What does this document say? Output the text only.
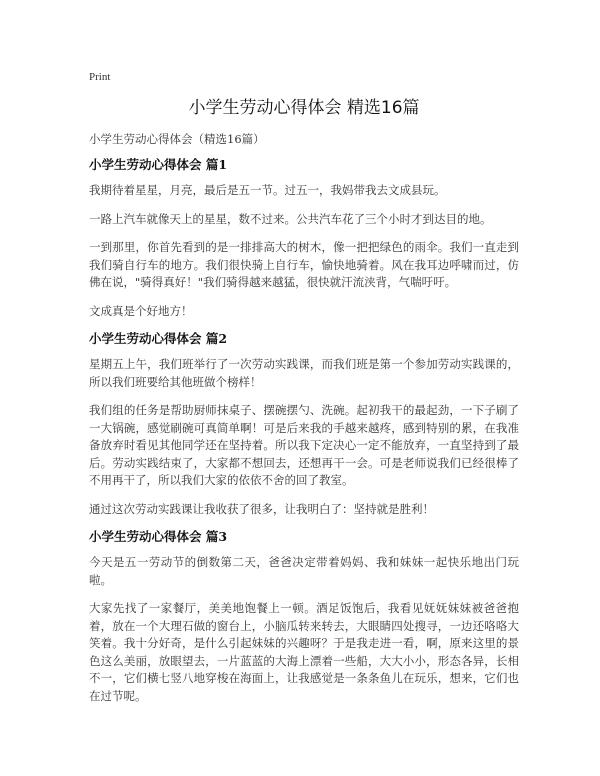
Print
小学生劳动心得体会 精选16篇
小学生劳动心得体会（精选16篇）
小学生劳动心得体会 篇1

我期待着星星，月亮，最后是五一节。过五一，我妈带我去文成县玩。

一路上汽车就像天上的星星，数不过来。公共汽车花了三个小时才到达目的地。

一到那里，你首先看到的是一排排高大的树木，像一把把绿色的雨伞。我们一直走到我们骑自行车的地方。我们很快骑上自行车，愉快地骑着。风在我耳边呼啸而过，仿佛在说，"骑得真好！"我们骑得越来越猛，很快就汗流浃背，气喘吁吁。

文成真是个好地方！

小学生劳动心得体会 篇2

星期五上午，我们班举行了一次劳动实践课，而我们班是第一个参加劳动实践课的，所以我们班要给其他班做个榜样！

我们组的任务是帮助厨师抹桌子、摆碗摆勺、洗碗。起初我干的最起劲，一下子刷了一大锅碗，感觉刷碗可真简单啊！可是后来我的手越来越疼，感到特别的累，在我准备放弃时看见其他同学还在坚持着。所以我下定决心一定不能放弃，一直坚持到了最后。劳动实践结束了，大家都不想回去，还想再干一会。可是老师说我们已经很棒了不用再干了，所以我们大家的依依不舍的回了教室。

通过这次劳动实践课让我收获了很多，让我明白了：坚持就是胜利！

小学生劳动心得体会 篇3

今天是五一劳动节的倒数第二天，爸爸决定带着妈妈、我和妹妹一起快乐地出门玩啦。

大家先找了一家餐厅，美美地饱餐上一顿。酒足饭饱后，我看见妩妩妹妹被爸爸抱着，放在一个大理石做的窗台上，小脑瓜转来转去，大眼睛四处搜寻，一边还咯咯大笑着。我十分好奇，是什么引起妹妹的兴趣呀？于是我走进一看，啊，原来这里的景色这么美丽，放眼望去，一片蓝蓝的大海上漂着一些船，大大小小，形态各异，长相不一，它们横七竖八地穿梭在海面上，让我感觉是一条条鱼儿在玩乐，想来，它们也在过节呢。
